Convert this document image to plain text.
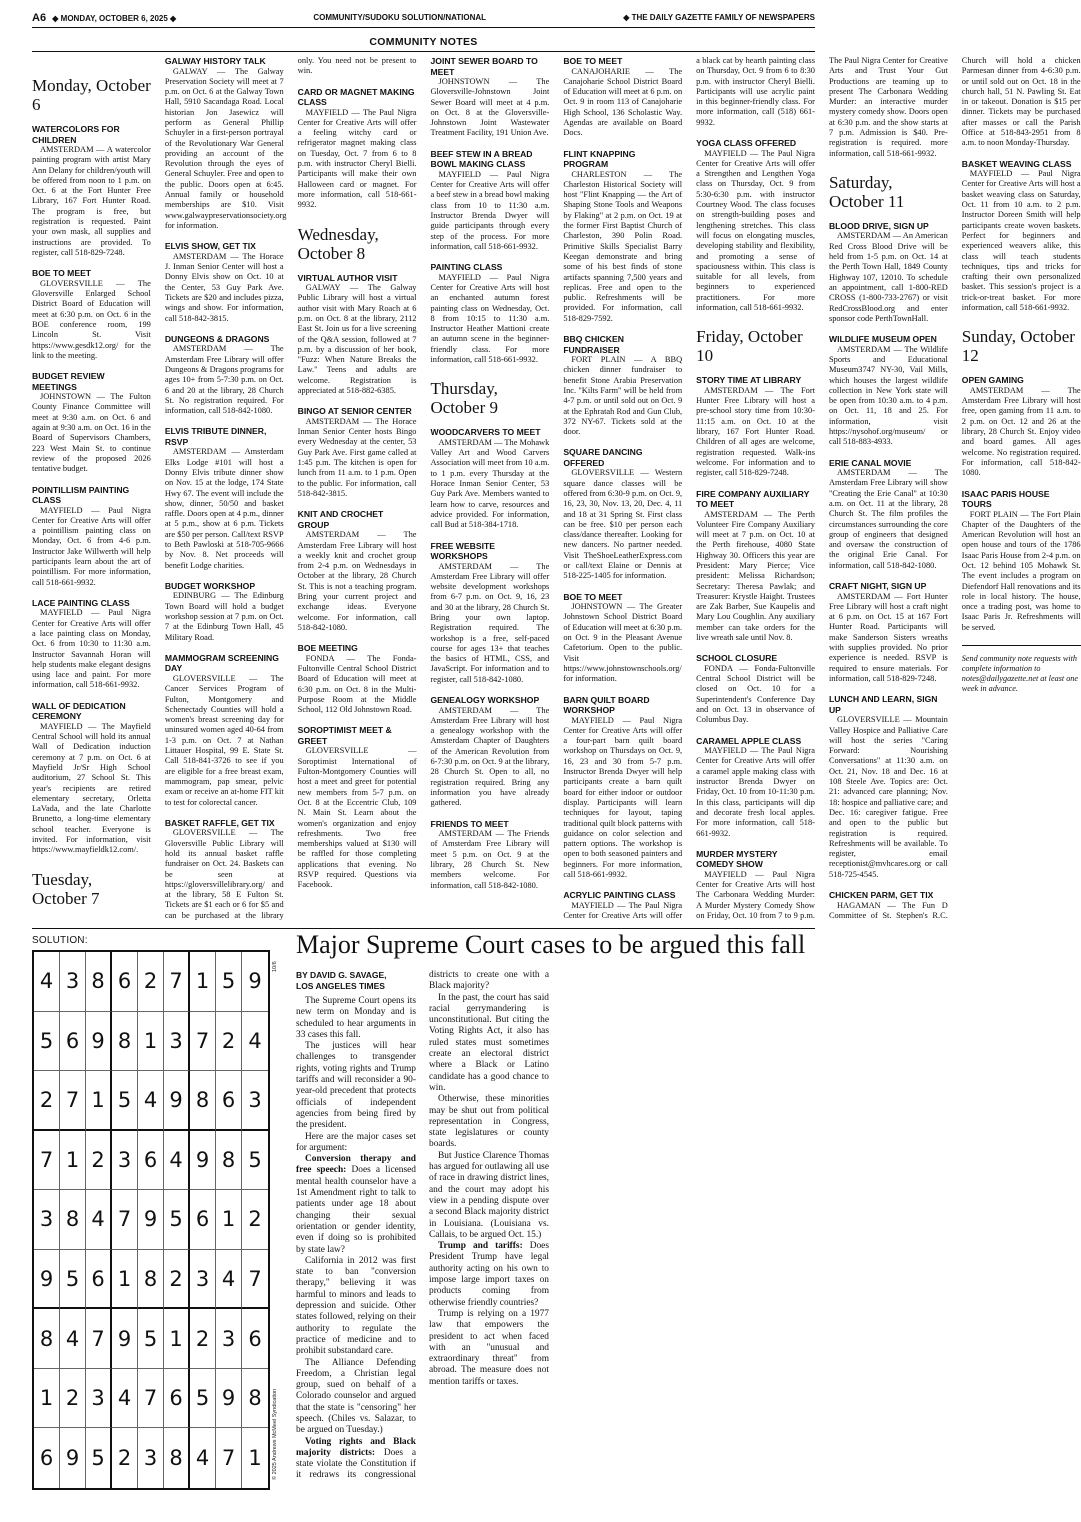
A6 ◆ MONDAY, OCTOBER 6, 2025 ◆	COMMUNITY/SUDOKU SOLUTION/NATIONAL	◆ THE DAILY GAZETTE FAMILY OF NEWSPAPERS
COMMUNITY NOTES
Monday, October 6
WATERCOLORS FOR CHILDREN

AMSTERDAM — A watercolor painting program with artist Mary Ann Delany for children/youth will be offered from noon to 1 p.m. on Oct. 6 at the Fort Hunter Free Library, 167 Fort Hunter Road. The program is free, but registration is requested. Paint your own mask, all supplies and instructions are provided. To register, call 518-829-7248.

BOE TO MEET

GLOVERSVILLE — The Gloversville Enlarged School District Board of Education will meet at 6:30 p.m. on Oct. 6 in the BOE conference room, 199 Lincoln St. Visit https://www.gesdk12.org/ for the link to the meeting.

BUDGET REVIEW MEETINGS

JOHNSTOWN — The Fulton County Finance Committee will meet at 9:30 a.m. on Oct. 6 and again at 9:30 a.m. on Oct. 16 in the Board of Supervisors Chambers, 223 West Main St. to continue review of the proposed 2026 tentative budget.

POINTILLISM PAINTING CLASS

MAYFIELD — Paul Nigra Center for Creative Arts will offer a pointillism painting class on Monday, Oct. 6 from 4-6 p.m. Instructor Jake Willwerth will help participants learn about the art of pointillism. For more information, call 518-661-9932.

LACE PAINTING CLASS

MAYFIELD — Paul Nigra Center for Creative Arts will offer a lace painting class on Monday, Oct. 6 from 10:30 to 11:30 a.m. Instructor Savannah Horan will help students make elegant designs using lace and paint. For more information, call 518-661-9932.

WALL OF DEDICATION CEREMONY

MAYFIELD — The Mayfield Central School will hold its annual Wall of Dedication induction ceremony at 7 p.m. on Oct. 6 at Mayfield Jr/Sr High School auditorium, 27 School St. This year's recipients are retired elementary secretary, Orletta LaVada, and the late Charlotte Brunetto, a long-time elementary school teacher. Everyone is invited. For information, visit https://www.mayfieldk12.com/.

Tuesday, October 7
GALWAY HISTORY TALK

GALWAY — The Galway Preservation Society will meet at 7 p.m. on Oct. 6 at the Galway Town Hall, 5910 Sacandaga Road. Local historian Jon Jasewicz will perform as General Phillip Schuyler in a first-person portrayal of the Revolutionary War General providing an account of the Revolution through the eyes of General Schuyler. Free and open to the public. Doors open at 6:45. Annual family or household memberships are $10. Visit www.galwaypreservationsociety.org for information.

ELVIS SHOW, GET TIX

AMSTERDAM — The Horace J. Inman Senior Center will host a Donny Elvis show on Oct. 10 at the Center, 53 Guy Park Ave. Tickets are $20 and includes pizza, wings and show. For information, call 518-842-3815.

DUNGEONS & DRAGONS

AMSTERDAM — The Amsterdam Free Library will offer Dungeons & Dragons programs for ages 10+ from 5-7:30 p.m. on Oct. 6 and 20 at the library, 28 Church St. No registration required. For information, call 518-842-1080.

ELVIS TRIBUTE DINNER, RSVP

AMSTERDAM — Amsterdam Elks Lodge #101 will host a Donny Elvis tribute dinner show on Nov. 15 at the lodge, 174 State Hwy 67. The event will include the show, dinner, 50/50 and basket raffle. Doors open at 4 p.m., dinner at 5 p.m., show at 6 p.m. Tickets are $50 per person. Call/text RSVP to Beth Pawloski at 518-705-9666 by Nov. 8. Net proceeds will benefit Lodge charities.

BUDGET WORKSHOP

EDINBURG — The Edinburg Town Board will hold a budget workshop session at 7 p.m. on Oct. 7 at the Edinburg Town Hall, 45 Military Road.

MAMMOGRAM SCREENING DAY

GLOVERSVILLE — The Cancer Services Program of Fulton, Montgomery and Schenectady Counties will hold a women's breast screening day for uninsured women aged 40-64 from 1-3 p.m. on Oct. 7 at Nathan Littauer Hospital, 99 E. State St. Call 518-841-3726 to see if you are eligible for a free breast exam, mammogram, pap smear, pelvic exam or receive an at-home FIT kit to test for colorectal cancer.

BASKET RAFFLE, GET TIX

GLOVERSVILLE — The Gloversville Public Library will hold its annual basket raffle fundraiser on Oct. 24. Baskets can be seen at https://gloversvillelibrary.org/ and at the library, 58 E Fulton St. Tickets are $1 each or 6 for $5 and can be purchased at the library only. You need not be present to win.

CARD OR MAGNET MAKING CLASS

MAYFIELD — The Paul Nigra Center for Creative Arts will offer a feeling witchy card or refrigerator magnet making class on Tuesday, Oct. 7 from 6 to 8 p.m. with instructor Cheryl Bielli. Participants will make their own Halloween card or magnet. For more information, call 518-661-9932.

Wednesday, October 8
VIRTUAL AUTHOR VISIT

GALWAY — The Galway Public Library will host a virtual author visit with Mary Roach at 6 p.m. on Oct. 8 at the library, 2112 East St. Join us for a live screening of the Q&A session, followed at 7 p.m. by a discussion of her book, "Fuzz: When Nature Breaks the Law." Teens and adults are welcome. Registration is appreciated at 518-882-6385.

BINGO AT SENIOR CENTER

AMSTERDAM — The Horace Inman Senior Center hosts Bingo every Wednesday at the center, 53 Guy Park Ave. First game called at 1:45 p.m. The kitchen is open for lunch from 11 a.m. to 1 p.m. Open to the public. For information, call 518-842-3815.

KNIT AND CROCHET GROUP

AMSTERDAM — The Amsterdam Free Library will host a weekly knit and crochet group from 2-4 p.m. on Wednesdays in October at the library, 28 Church St. This is not a teaching program. Bring your current project and exchange ideas. Everyone welcome. For information, call 518-842-1080.

BOE MEETING

FONDA — The Fonda-Fultonville Central School District Board of Education will meet at 6:30 p.m. on Oct. 8 in the Multi-Purpose Room at the Middle School, 112 Old Johnstown Road.

SOROPTIMIST MEET & GREET

GLOVERSVILLE — Soroptimist International of Fulton-Montgomery Counties will host a meet and greet for potential new members from 5-7 p.m. on Oct. 8 at the Eccentric Club, 109 N. Main St. Learn about the women's organization and enjoy refreshments. Two free memberships valued at $130 will be raffled for those completing applications that evening. No RSVP required. Questions via Facebook.

JOINT SEWER BOARD TO MEET

JOHNSTOWN — The Gloversville-Johnstown Joint Sewer Board will meet at 4 p.m. on Oct. 8 at the Gloversville-Johnstown Joint Wastewater Treatment Facility, 191 Union Ave.

BEEF STEW IN A BREAD BOWL MAKING CLASS

MAYFIELD — Paul Nigra Center for Creative Arts will offer a beef stew in a bread bowl making class from 10 to 11:30 a.m. Instructor Brenda Dwyer will guide participants through every step of the process. For more information, call 518-661-9932.

PAINTING CLASS

MAYFIELD — Paul Nigra Center for Creative Arts will host an enchanted autumn forest painting class on Wednesday, Oct. 8 from 10:15 to 11:30 a.m. Instructor Heather Mattioni create an autumn scene in the beginner-friendly class. For more information, call 518-661-9932.

Thursday, October 9
WOODCARVERS TO MEET

AMSTERDAM — The Mohawk Valley Art and Wood Carvers Association will meet from 10 a.m. to 1 p.m. every Thursday at the Horace Inman Senior Center, 53 Guy Park Ave. Members wanted to learn how to carve, resources and advice provided. For information, call Bud at 518-384-1718.

FREE WEBSITE WORKSHOPS

AMSTERDAM — The Amsterdam Free Library will offer website development workshops from 6-7 p.m. on Oct. 9, 16, 23 and 30 at the library, 28 Church St. Bring your own laptop. Registration required. The workshop is a free, self-paced course for ages 13+ that teaches the basics of HTML, CSS, and JavaScript. For information and to register, call 518-842-1080.

GENEALOGY WORKSHOP

AMSTERDAM — The Amsterdam Free Library will host a genealogy workshop with the Amsterdam Chapter of Daughters of the American Revolution from 6-7:30 p.m. on Oct. 9 at the library, 28 Church St. Open to all, no registration required. Bring any information you have already gathered.

FRIENDS TO MEET

AMSTERDAM — The Friends of Amsterdam Free Library will meet 5 p.m. on Oct. 9 at the library, 28 Church St. New members welcome. For information, call 518-842-1080.

BOE TO MEET

CANAJOHARIE — The Canajoharie School District Board of Education will meet at 6 p.m. on Oct. 9 in room 113 of Canajoharie High School, 136 Scholastic Way. Agendas are available on Board Docs.

FLINT KNAPPING PROGRAM

CHARLESTON — The Charleston Historical Society will host "Flint Knapping — the Art of Shaping Stone Tools and Weapons by Flaking" at 2 p.m. on Oct. 19 at the former First Baptist Church of Charleston, 390 Polin Road. Primitive Skills Specialist Barry Keegan demonstrate and bring some of his best finds of stone artifacts spanning 7,500 years and replicas. Free and open to the public. Refreshments will be provided. For information, call 518-829-7592.

BBQ CHICKEN FUNDRAISER

FORT PLAIN — A BBQ chicken dinner fundraiser to benefit Stone Arabia Preservation Inc. "Kilts Farm" will be held from 4-7 p.m. or until sold out on Oct. 9 at the Ephratah Rod and Gun Club, 372 NY-67. Tickets sold at the door.

SQUARE DANCING OFFERED

GLOVERSVILLE — Western square dance classes will be offered from 6:30-9 p.m. on Oct. 9, 16, 23, 30, Nov. 13, 20, Dec. 4, 11 and 18 at 31 Spring St. First class can be free. $10 per person each class/dance thereafter. Looking for new dancers. No partner needed. Visit TheShoeLeatherExpress.com or call/text Elaine or Dennis at 518-225-1405 for information.

BOE TO MEET

JOHNSTOWN — The Greater Johnstown School District Board of Education will meet at 6:30 p.m. on Oct. 9 in the Pleasant Avenue Cafetorium. Open to the public. Visit https://www.johnstownschools.org/ for information.

BARN QUILT BOARD WORKSHOP

MAYFIELD — Paul Nigra Center for Creative Arts will offer a four-part barn quilt board workshop on Thursdays on Oct. 9, 16, 23 and 30 from 5-7 p.m. Instructor Brenda Dwyer will help participants create a barn quilt board for either indoor or outdoor display. Participants will learn techniques for layout, taping traditional quilt block patterns with guidance on color selection and pattern options. The workshop is open to both seasoned painters and beginners. For more information, call 518-661-9932.

ACRYLIC PAINTING CLASS

MAYFIELD — The Paul Nigra Center for Creative Arts will offer a black cat by hearth painting class on Thursday, Oct. 9 from 6 to 8:30 p.m. with instructor Cheryl Bielli. Participants will use acrylic paint in this beginner-friendly class. For more information, call (518) 661-9932.

YOGA CLASS OFFERED

MAYFIELD — The Paul Nigra Center for Creative Arts will offer a Strengthen and Lengthen Yoga class on Thursday, Oct. 9 from 5:30-6:30 p.m. with instructor Courtney Wood. The class focuses on strength-building poses and lengthening stretches. This class will focus on elongating muscles, developing stability and flexibility, and promoting a sense of spaciousness within. This class is suitable for all levels, from beginners to experienced practitioners. For more information, call 518-661-9932.

Friday, October 10
STORY TIME AT LIBRARY

AMSTERDAM — The Fort Hunter Free Library will host a pre-school story time from 10:30-11:15 a.m. on Oct. 10 at the library, 167 Fort Hunter Road. Children of all ages are welcome, registration requested. Walk-ins welcome. For information and to register, call 518-829-7248.

FIRE COMPANY AUXILIARY TO MEET

AMSTERDAM — The Perth Volunteer Fire Company Auxiliary will meet at 7 p.m. on Oct. 10 at the Perth firehouse, 4080 State Highway 30. Officers this year are President: Mary Pierce; Vice president: Melissa Richardson; Secretary: Theresa Pawlak; and Treasurer: Krystle Haight. Trustees are Zak Barber, Sue Kaupelis and Mary Lou Coughlin. Any auxiliary member can take orders for the live wreath sale until Nov. 8.

SCHOOL CLOSURE

FONDA — Fonda-Fultonville Central School District will be closed on Oct. 10 for a Superintendent's Conference Day and on Oct. 13 in observance of Columbus Day.

CARAMEL APPLE CLASS

MAYFIELD — The Paul Nigra Center for Creative Arts will offer a caramel apple making class with instructor Brenda Dwyer on Friday, Oct. 10 from 10-11:30 p.m. In this class, participants will dip and decorate fresh local apples. For more information, call 518-661-9932.

MURDER MYSTERY COMEDY SHOW

MAYFIELD — Paul Nigra Center for Creative Arts will host The Carbonara Wedding Murder: A Murder Mystery Comedy Show on Friday, Oct. 10 from 7 to 9 p.m. The Paul Nigra Center for Creative Arts and Trust Your Gut Productions are teaming up to present The Carbonara Wedding Murder: an interactive murder mystery comedy show. Doors open at 6:30 p.m. and the show starts at 7 p.m. Admission is $40. Pre-registration is required. more information, call 518-661-9932.

Saturday, October 11
BLOOD DRIVE, SIGN UP

AMSTERDAM — An American Red Cross Blood Drive will be held from 1-5 p.m. on Oct. 14 at the Perth Town Hall, 1849 County Highway 107, 12010. To schedule an appointment, call 1-800-RED CROSS (1-800-733-2767) or visit RedCrossBlood.org and enter sponsor code PerthTownHall.

WILDLIFE MUSEUM OPEN

AMSTERDAM — The Wildlife Sports and Educational Museum3747 NY-30, Vail Mills, which houses the largest wildlife collection in New York state will be open from 10:30 a.m. to 4 p.m. on Oct. 11, 18 and 25. For information, visit https://nysohof.org/museum/ or call 518-883-4933.

ERIE CANAL MOVIE

AMSTERDAM — The Amsterdam Free Library will show "Creating the Erie Canal" at 10:30 a.m. on Oct. 11 at the library, 28 Church St. The film profiles the circumstances surrounding the core group of engineers that designed and oversaw the construction of the original Erie Canal. For information, call 518-842-1080.

CRAFT NIGHT, SIGN UP

AMSTERDAM — Fort Hunter Free Library will host a craft night at 6 p.m. on Oct. 15 at 167 Fort Hunter Road. Participants will make Sanderson Sisters wreaths with supplies provided. No prior experience is needed. RSVP is required to ensure materials. For information, call 518-829-7248.

LUNCH AND LEARN, SIGN UP

GLOVERSVILLE — Mountain Valley Hospice and Palliative Care will host the series "Caring Forward: Nourishing Conversations" at 11:30 a.m. on Oct. 21, Nov. 18 and Dec. 16 at 108 Steele Ave. Topics are: Oct. 21: advanced care planning; Nov. 18: hospice and palliative care; and Dec. 16: caregiver fatigue. Free and open to the public but registration is required. Refreshments will be available. To register, email receptionist@mvhcares.org or call 518-725-4545.

CHICKEN PARM, GET TIX

HAGAMAN — The Fun D Committee of St. Stephen's R.C. Church will hold a chicken Parmesan dinner from 4-6:30 p.m. or until sold out on Oct. 18 in the church hall, 51 N. Pawling St. Eat in or takeout. Donation is $15 per dinner. Tickets may be purchased after masses or call the Parish Office at 518-843-2951 from 8 a.m. to noon Monday-Thursday.

BASKET WEAVING CLASS

MAYFIELD — Paul Nigra Center for Creative Arts will host a basket weaving class on Saturday, Oct. 11 from 10 a.m. to 2 p.m. Instructor Doreen Smith will help participants create woven baskets. Perfect for beginners and experienced weavers alike, this class will teach students techniques, tips and tricks for crafting their own personalized basket. This session's project is a trick-or-treat basket. For more information, call 518-661-9932.

Sunday, October 12
OPEN GAMING

AMSTERDAM — The Amsterdam Free Library will host free, open gaming from 11 a.m. to 2 p.m. on Oct. 12 and 26 at the library, 28 Church St. Enjoy video and board games. All ages welcome. No registration required. For information, call 518-842-1080.

ISAAC PARIS HOUSE TOURS

FORT PLAIN — The Fort Plain Chapter of the Daughters of the American Revolution will host an open house and tours of the 1786 Isaac Paris House from 2-4 p.m. on Oct. 12 behind 105 Mohawk St. The event includes a program on Diefendorf Hall renovations and its role in local history. The house, once a trading post, was home to Isaac Paris Jr. Refreshments will be served.

Send community note requests with complete information to notes@dailygazette.net at least one week in advance.

SOLUTION:
4 3 8 6 2 7 1 5 9
5 6 9 8 1 3 7 2 4
2 7 1 5 4 9 8 6 3
7 1 2 3 6 4 9 8 5
3 8 4 7 9 5 6 1 2
9 5 6 1 8 2 3 4 7
8 4 7 9 5 1 2 3 6
1 2 3 4 7 6 5 9 8
6 9 5 2 3 8 4 7 1
10/6
© 2025 Andrews McMeel Syndication
Major Supreme Court cases to be argued this fall
BY DAVID G. SAVAGE,
LOS ANGELES TIMES

The Supreme Court opens its new term on Monday and is scheduled to hear arguments in 33 cases this fall.

The justices will hear challenges to transgender rights, voting rights and Trump tariffs and will reconsider a 90-year-old precedent that protects officials of independent agencies from being fired by the president.

Here are the major cases set for argument:

Conversion therapy and free speech: Does a licensed mental health counselor have a 1st Amendment right to talk to patients under age 18 about changing their sexual orientation or gender identity, even if doing so is prohibited by state law?

California in 2012 was first state to ban "conversion therapy," believing it was harmful to minors and leads to depression and suicide. Other states followed, relying on their authority to regulate the practice of medicine and to prohibit substandard care.

The Alliance Defending Freedom, a Christian legal group, sued on behalf of a Colorado counselor and argued that the state is "censoring" her speech. (Chiles vs. Salazar, to be argued on Tuesday.)

Voting rights and Black majority districts: Does a state violate the Constitution if it redraws its congressional districts to create one with a Black majority?

In the past, the court has said racial gerrymandering is unconstitutional. But citing the Voting Rights Act, it also has ruled states must sometimes create an electoral district where a Black or Latino candidate has a good chance to win.

Otherwise, these minorities may be shut out from political representation in Congress, state legislatures or county boards.

But Justice Clarence Thomas has argued for outlawing all use of race in drawing district lines, and the court may adopt his view in a pending dispute over a second Black majority district in Louisiana. (Louisiana vs. Callais, to be argued Oct. 15.)

Trump and tariffs: Does President Trump have legal authority acting on his own to impose large import taxes on products coming from otherwise friendly countries?

Trump is relying on a 1977 law that empowers the president to act when faced with an "unusual and extraordinary threat" from abroad. The measure does not mention tariffs or taxes.
